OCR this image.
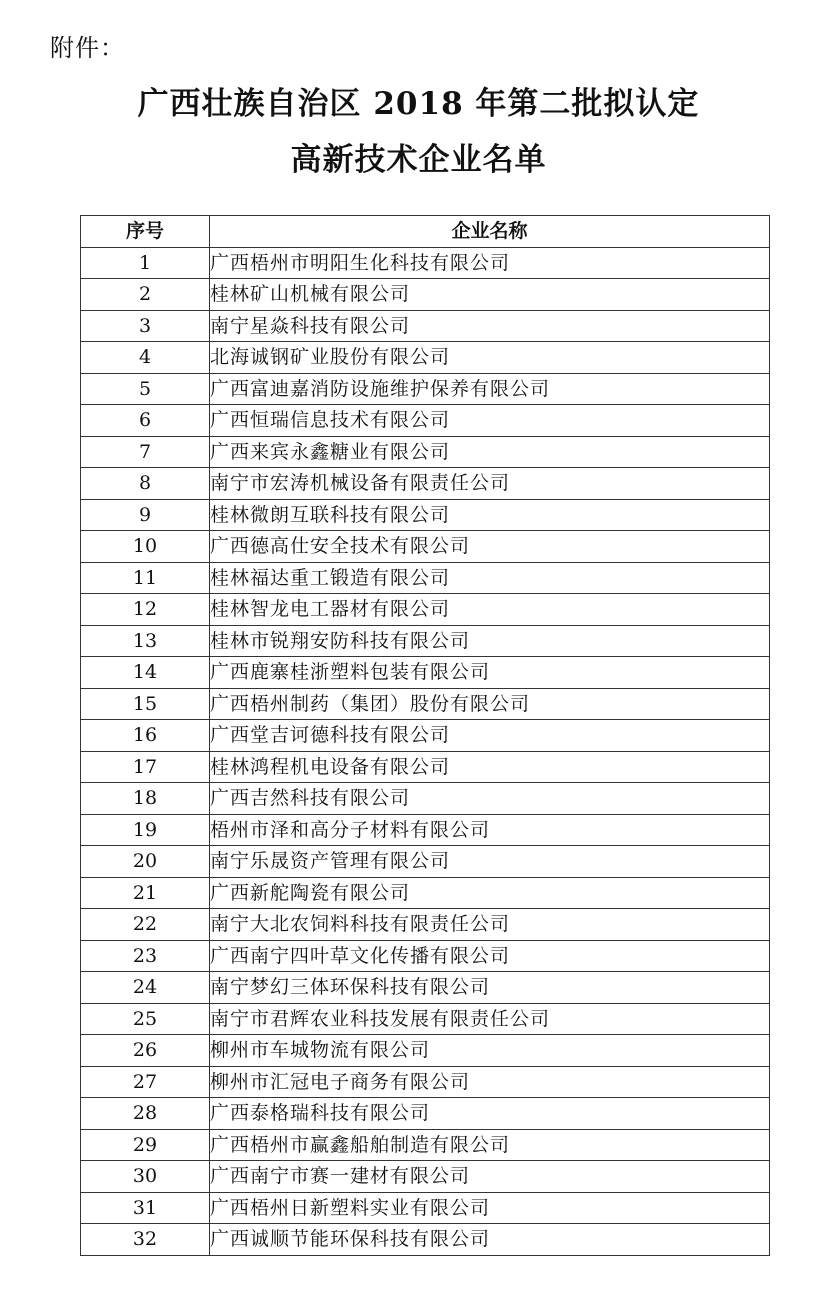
附件：
广西壮族自治区 2018 年第二批拟认定
高新技术企业名单
序号	企业名称
1	广西梧州市明阳生化科技有限公司
2	桂林矿山机械有限公司
3	南宁星焱科技有限公司
4	北海诚钢矿业股份有限公司
5	广西富迪嘉消防设施维护保养有限公司
6	广西恒瑞信息技术有限公司
7	广西来宾永鑫糖业有限公司
8	南宁市宏涛机械设备有限责任公司
9	桂林微朗互联科技有限公司
10	广西德高仕安全技术有限公司
11	桂林福达重工锻造有限公司
12	桂林智龙电工器材有限公司
13	桂林市锐翔安防科技有限公司
14	广西鹿寨桂浙塑料包装有限公司
15	广西梧州制药（集团）股份有限公司
16	广西堂吉诃德科技有限公司
17	桂林鸿程机电设备有限公司
18	广西吉然科技有限公司
19	梧州市泽和高分子材料有限公司
20	南宁乐晟资产管理有限公司
21	广西新舵陶瓷有限公司
22	南宁大北农饲料科技有限责任公司
23	广西南宁四叶草文化传播有限公司
24	南宁梦幻三体环保科技有限公司
25	南宁市君辉农业科技发展有限责任公司
26	柳州市车城物流有限公司
27	柳州市汇冠电子商务有限公司
28	广西泰格瑞科技有限公司
29	广西梧州市赢鑫船舶制造有限公司
30	广西南宁市赛一建材有限公司
31	广西梧州日新塑料实业有限公司
32	广西诚顺节能环保科技有限公司
